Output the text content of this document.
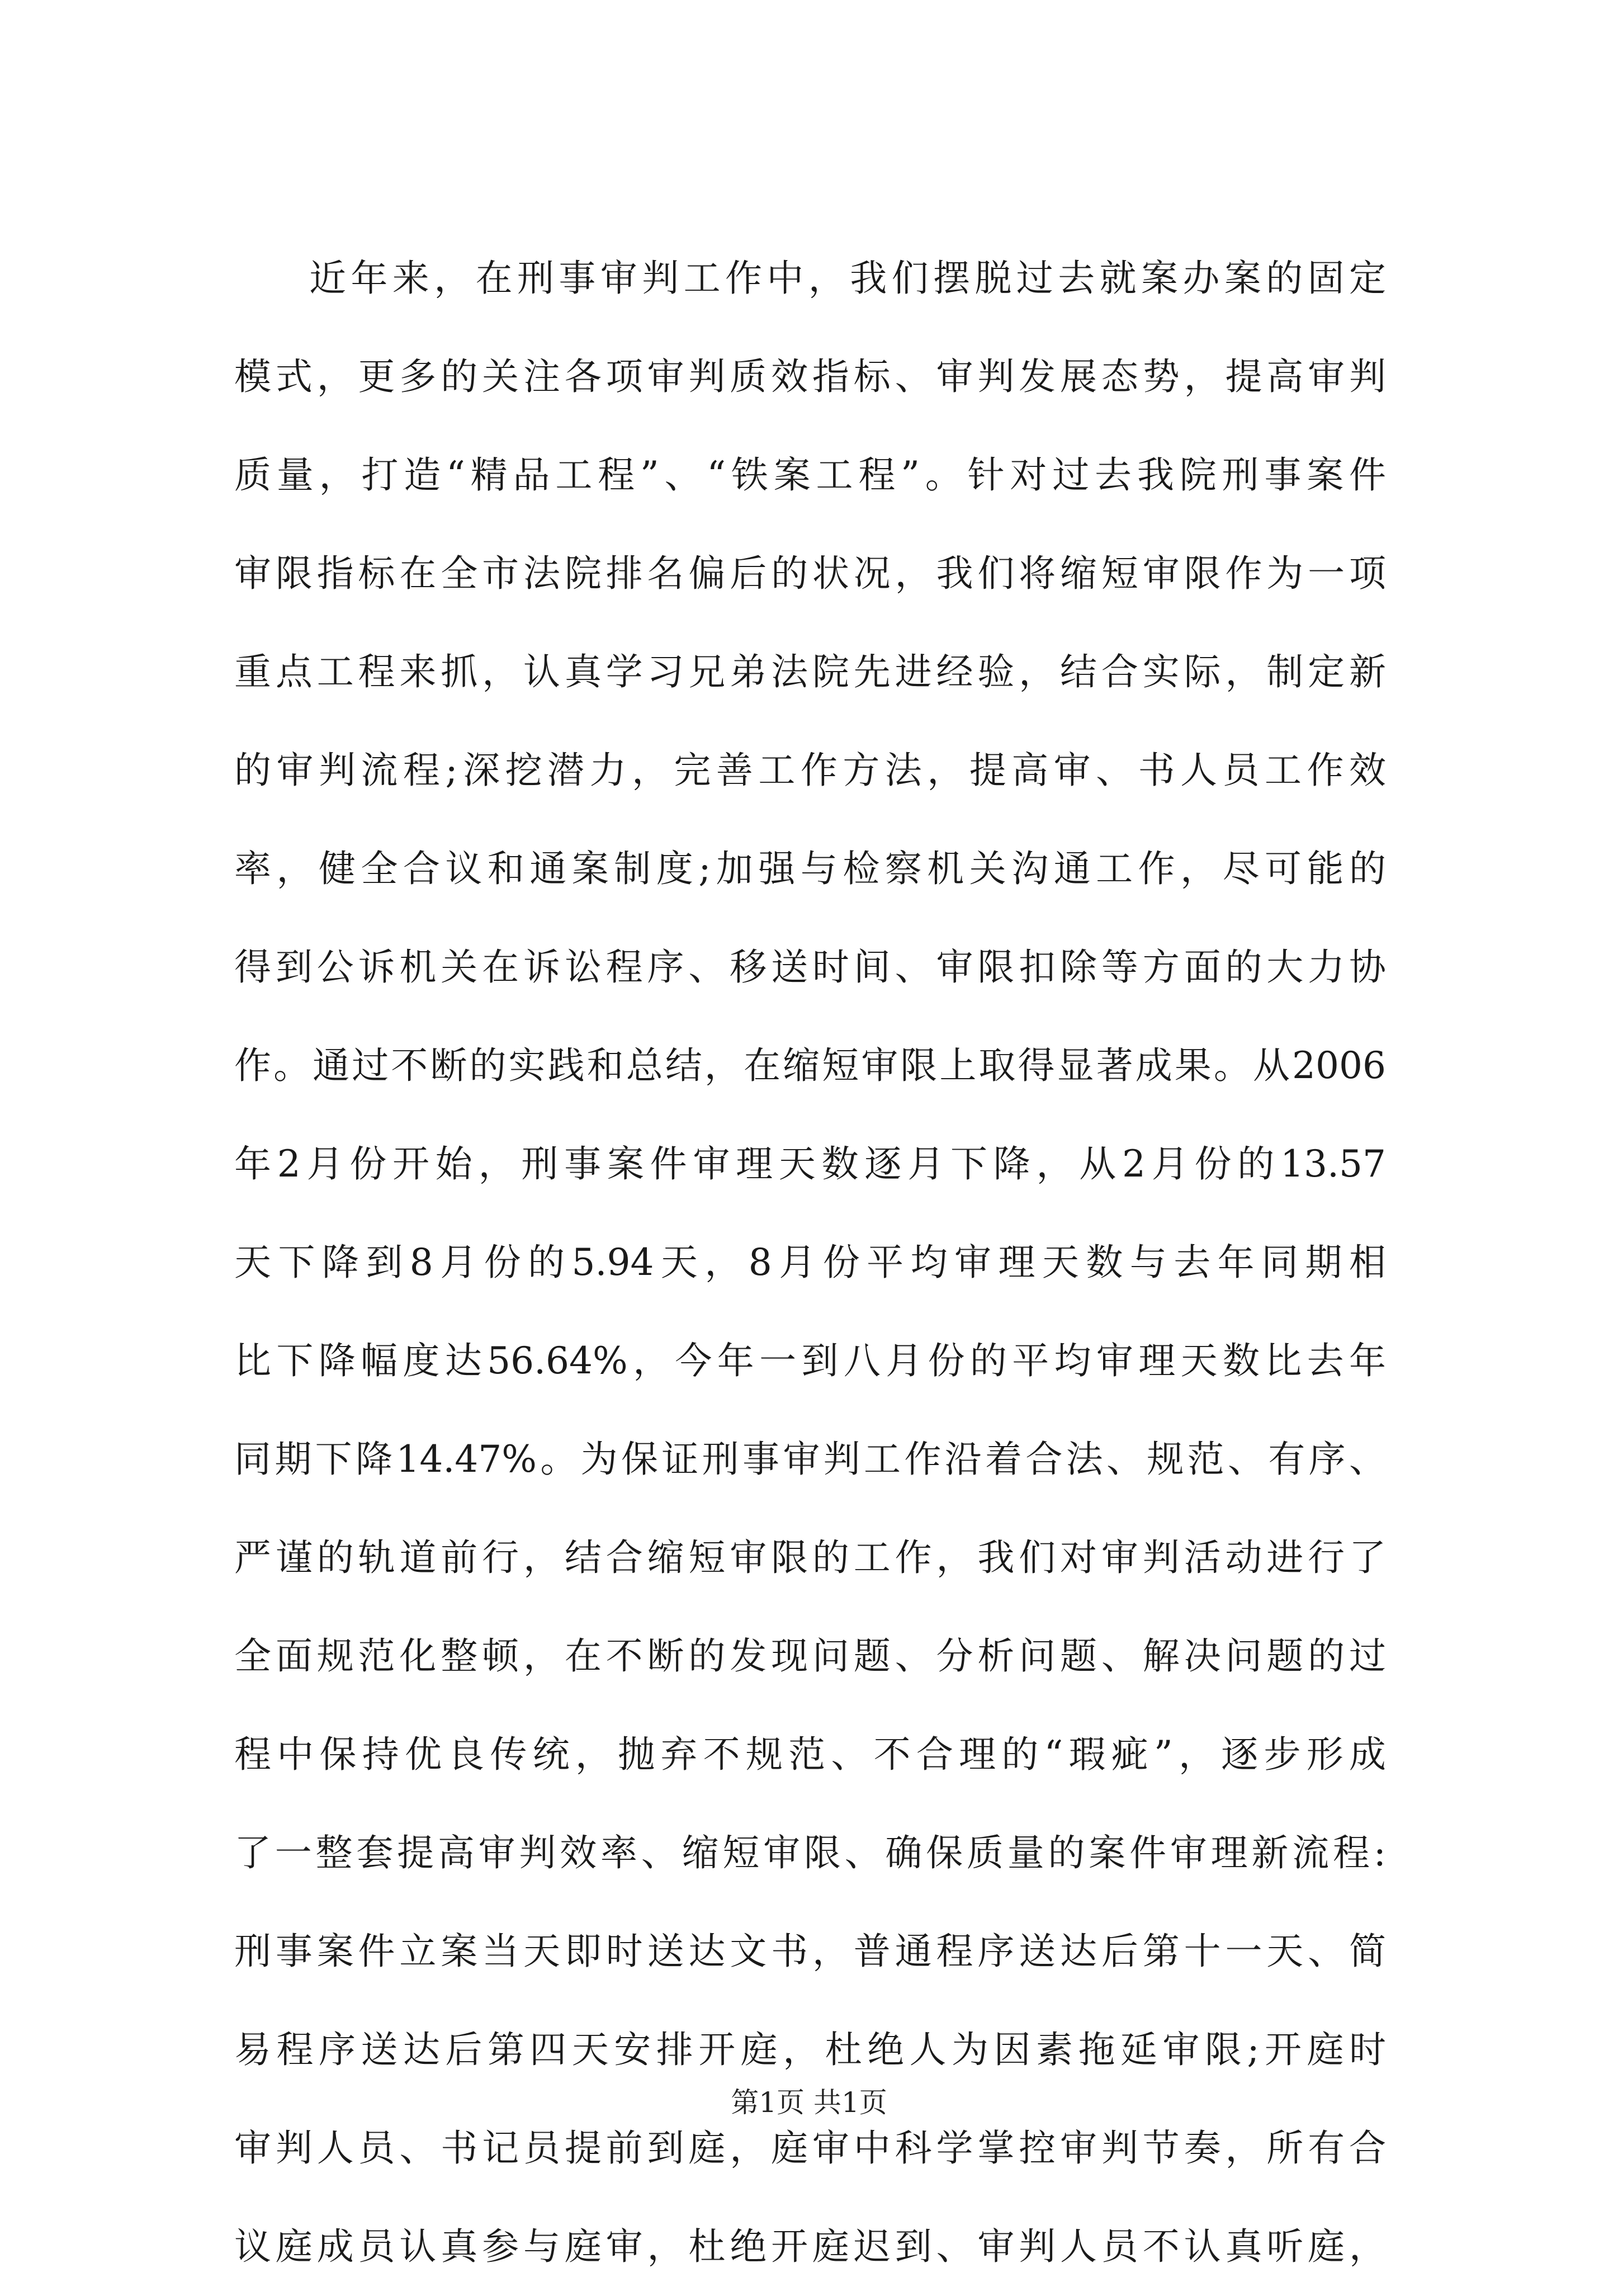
近年来，在刑事审判工作中，我们摆脱过去就案办案的固定
模式，更多的关注各项审判质效指标、审判发展态势，提高审判
质量，打造“精品工程”、“铁案工程”。针对过去我院刑事案件
审限指标在全市法院排名偏后的状况，我们将缩短审限作为一项
重点工程来抓，认真学习兄弟法院先进经验，结合实际，制定新
的审判流程;深挖潜力，完善工作方法，提高审、书人员工作效
率，健全合议和通案制度;加强与检察机关沟通工作，尽可能的
得到公诉机关在诉讼程序、移送时间、审限扣除等方面的大力协
作。通过不断的实践和总结，在缩短审限上取得显著成果。从2006
年2月份开始，刑事案件审理天数逐月下降，从2月份的13.57
天下降到8月份的5.94天，8月份平均审理天数与去年同期相
比下降幅度达56.64%，今年一到八月份的平均审理天数比去年
同期下降14.47%。为保证刑事审判工作沿着合法、规范、有序、
严谨的轨道前行，结合缩短审限的工作，我们对审判活动进行了
全面规范化整顿，在不断的发现问题、分析问题、解决问题的过
程中保持优良传统，抛弃不规范、不合理的“瑕疵”，逐步形成
了一整套提高审判效率、缩短审限、确保质量的案件审理新流程:
刑事案件立案当天即时送达文书，普通程序送达后第十一天、简
易程序送达后第四天安排开庭，杜绝人为因素拖延审限;开庭时
审判人员、书记员提前到庭，庭审中科学掌控审判节奏，所有合
议庭成员认真参与庭审，杜绝开庭迟到、审判人员不认真听庭，
第1页 共1页
